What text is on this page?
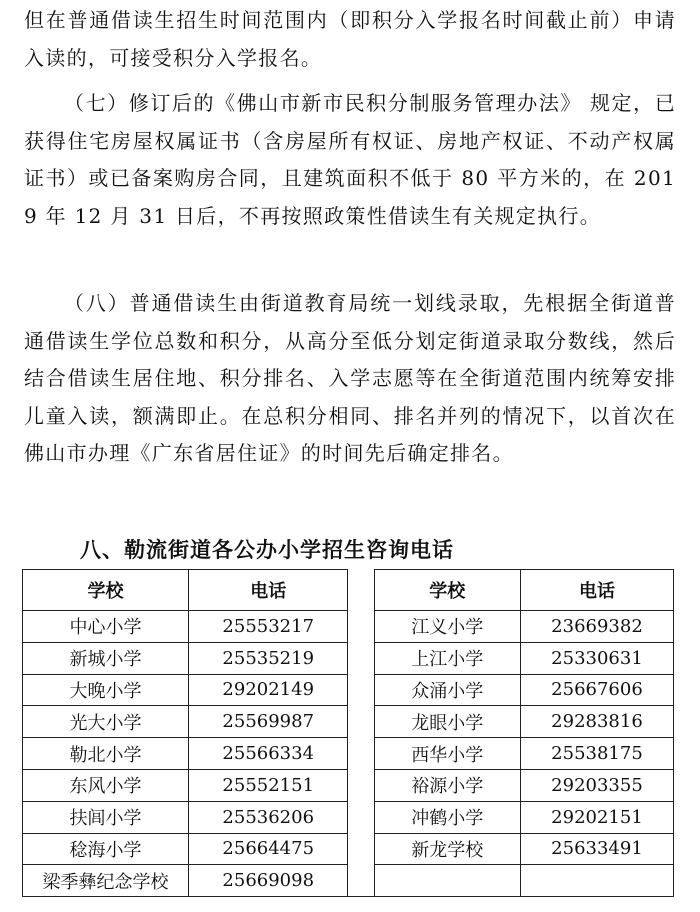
但在普通借读生招生时间范围内（即积分入学报名时间截止前）申请入读的，可接受积分入学报名。

（七）修订后的《佛山市新市民积分制服务管理办法》 规定，已获得住宅房屋权属证书（含房屋所有权证、房地产权证、不动产权属证书）或已备案购房合同，且建筑面积不低于 80 平方米的，在 2019 年 12 月 31 日后，不再按照政策性借读生有关规定执行。

（八）普通借读生由街道教育局统一划线录取，先根据全街道普通借读生学位总数和积分，从高分至低分划定街道录取分数线，然后结合借读生居住地、积分排名、入学志愿等在全街道范围内统筹安排儿童入读，额满即止。在总积分相同、排名并列的情况下，以首次在佛山市办理《广东省居住证》的时间先后确定排名。

八、勒流街道各公办小学招生咨询电话
学校	电话		学校	电话
中心小学	25553217		江义小学	23669382
新城小学	25535219		上江小学	25330631
大晚小学	29202149		众涌小学	25667606
光大小学	25569987		龙眼小学	29283816
勒北小学	25566334		西华小学	25538175
东风小学	25552151		裕源小学	29203355
扶闾小学	25536206		冲鹤小学	29202151
稔海小学	25664475		新龙学校	25633491
梁季彝纪念学校	25669098			
